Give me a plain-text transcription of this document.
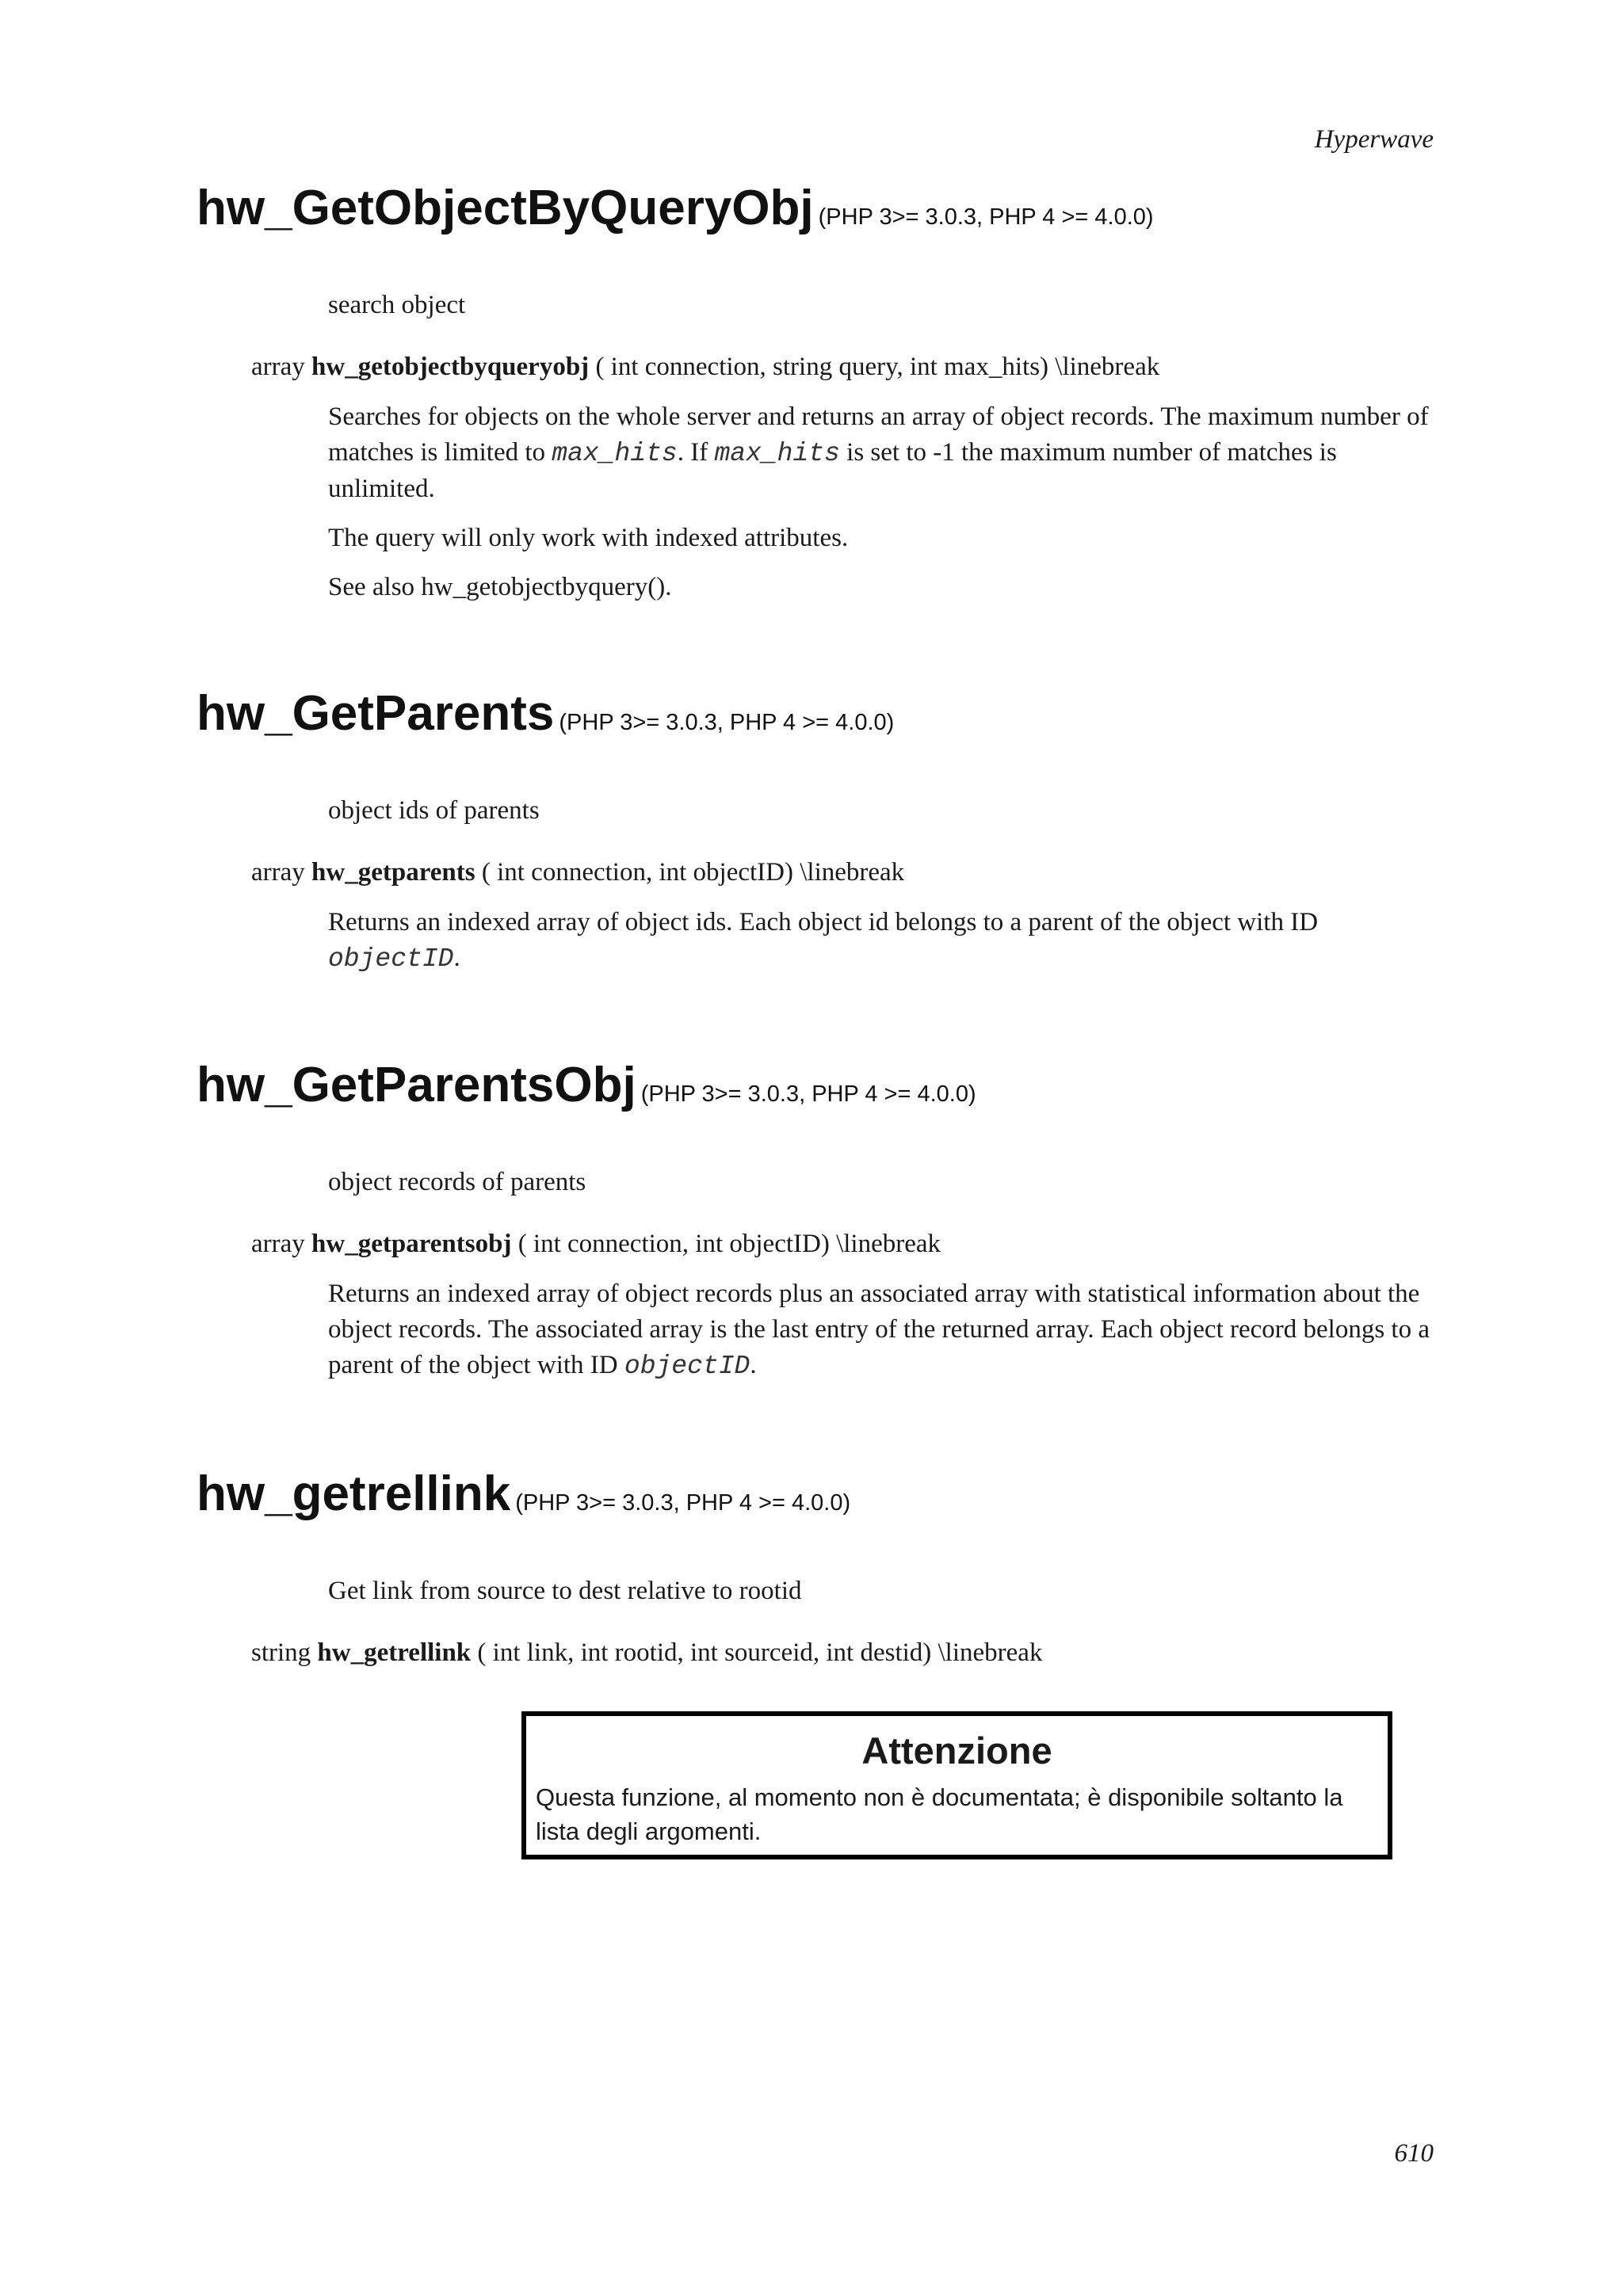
Hyperwave
hw_GetObjectByQueryObj (PHP 3>= 3.0.3, PHP 4 >= 4.0.0)
search object
array hw_getobjectbyqueryobj ( int connection, string query, int max_hits) \linebreak

Searches for objects on the whole server and returns an array of object records. The maximum number of matches is limited to max_hits. If max_hits is set to -1 the maximum number of matches is unlimited.

The query will only work with indexed attributes.

See also hw_getobjectbyquery().

hw_GetParents (PHP 3>= 3.0.3, PHP 4 >= 4.0.0)
object ids of parents
array hw_getparents ( int connection, int objectID) \linebreak

Returns an indexed array of object ids. Each object id belongs to a parent of the object with ID objectID.

hw_GetParentsObj (PHP 3>= 3.0.3, PHP 4 >= 4.0.0)
object records of parents
array hw_getparentsobj ( int connection, int objectID) \linebreak

Returns an indexed array of object records plus an associated array with statistical information about the object records. The associated array is the last entry of the returned array. Each object record belongs to a parent of the object with ID objectID.

hw_getrellink (PHP 3>= 3.0.3, PHP 4 >= 4.0.0)
Get link from source to dest relative to rootid
string hw_getrellink ( int link, int rootid, int sourceid, int destid) \linebreak
Attenzione
Questa funzione, al momento non è documentata; è disponibile soltanto la lista degli argomenti.
610
